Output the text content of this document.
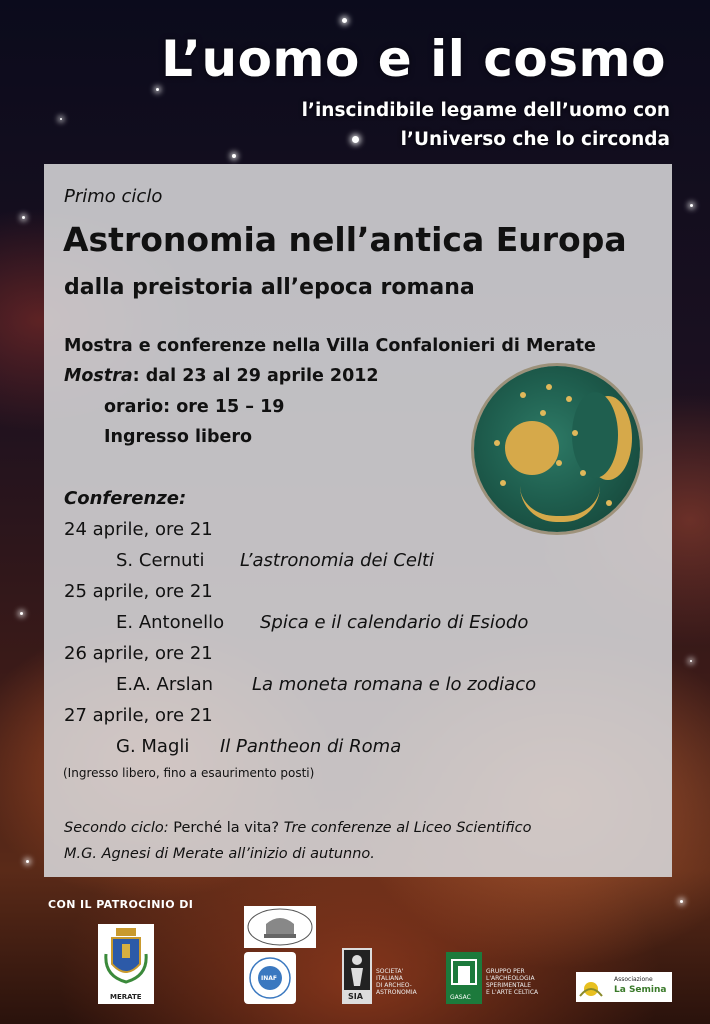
L’uomo e il cosmo
l’inscindibile legame dell’uomo con
l’Universo che lo circonda
Primo ciclo
Astronomia nell’antica Europa
dalla preistoria all’epoca romana
Mostra e conferenze nella Villa Confalonieri di Merate
Mostra: dal 23 al 29 aprile 2012
orario: ore 15 – 19
Ingresso libero
Conferenze:
24 aprile, ore 21
S. Cernuti L’astronomia dei Celti
25 aprile, ore 21
E. Antonello Spica e il calendario di Esiodo
26 aprile, ore 21
E.A. Arslan La moneta romana e lo zodiaco
27 aprile, ore 21
G. Magli Il Pantheon di Roma
(Ingresso libero, fino a esaurimento posti)
Secondo ciclo: Perché la vita? Tre conferenze al Liceo Scientifico
M.G. Agnesi di Merate all’inizio di autunno.
CON IL PATROCINIO DI
MERATE
INAF
SIA
SOCIETA'
ITALIANA
DI ARCHEO-
ASTRONOMIA
GASAC
GRUPPO PER
L'ARCHEOLOGIA
SPERIMENTALE
E L'ARTE CELTICA
Associazione
La Semina
